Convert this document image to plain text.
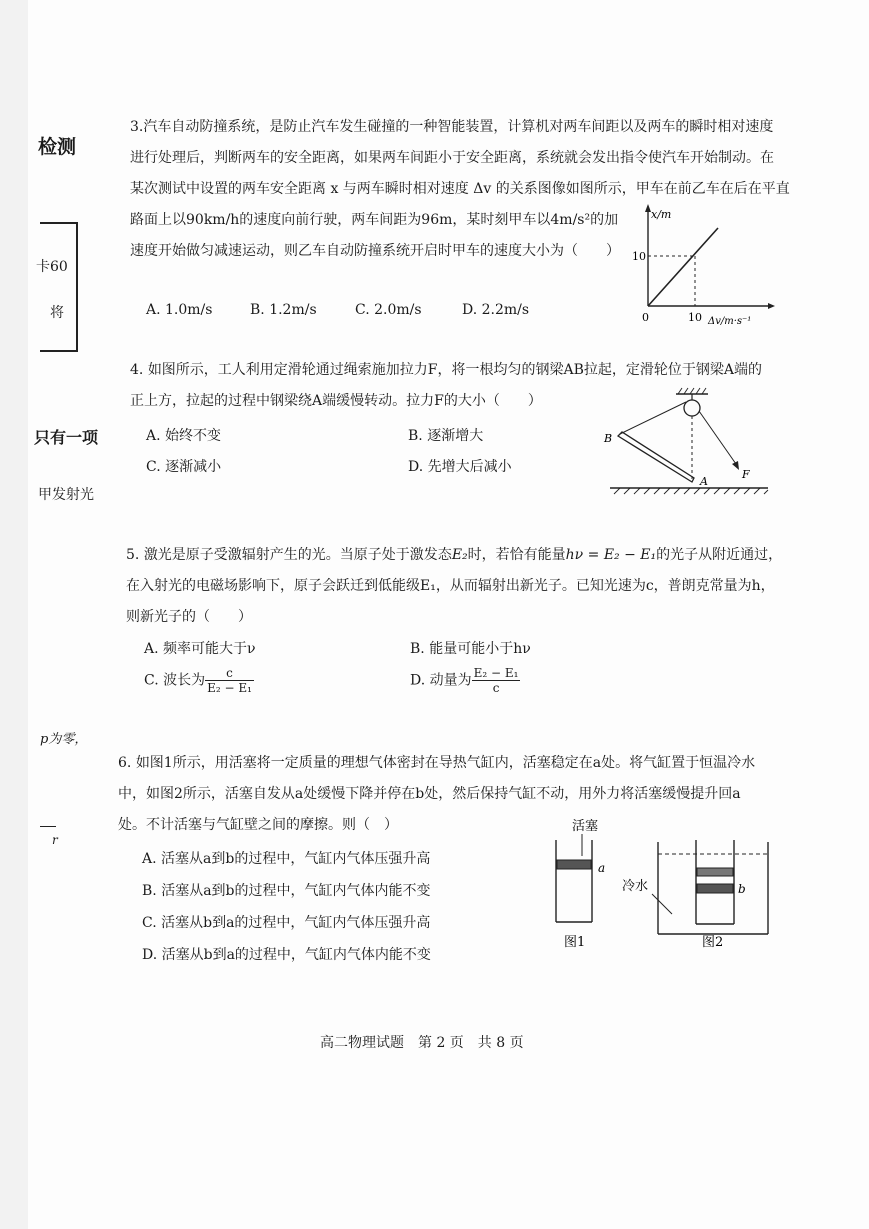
检测
卡60
将
只有一项
甲发射光
p为零，
r
3.汽车自动防撞系统，是防止汽车发生碰撞的一种智能装置，计算机对两车间距以及两车的瞬时相对速度
进行处理后，判断两车的安全距离，如果两车间距小于安全距离，系统就会发出指令使汽车开始制动。在
某次测试中设置的两车安全距离 x 与两车瞬时相对速度 Δv 的关系图像如图所示，甲车在前乙车在后在平直
路面上以90km/h的速度向前行驶，两车间距为96m，某时刻甲车以4m/s²的加
速度开始做匀减速运动，则乙车自动防撞系统开启时甲车的速度大小为（　　）
A. 1.0m/s	B. 1.2m/s	C. 2.0m/s	D. 2.2m/s
x/m
10
0	10 Δv/m·s⁻¹
4. 如图所示，工人利用定滑轮通过绳索施加拉力F，将一根均匀的钢梁AB拉起，定滑轮位于钢梁A端的
正上方，拉起的过程中钢梁绕A端缓慢转动。拉力F的大小（　　）
A. 始终不变	B. 逐渐增大
C. 逐渐减小	D. 先增大后减小
B
A
F
5. 激光是原子受激辐射产生的光。当原子处于激发态E₂时，若恰有能量hν = E₂ − E₁的光子从附近通过，
在入射光的电磁场影响下，原子会跃迁到低能级E₁，从而辐射出新光子。已知光速为c，普朗克常量为h，
则新光子的（　　）
A. 频率可能大于ν	B. 能量可能小于hν
C. 波长为 $\frac{c}{\text{E₂ − E₁}}$	D. 动量为 $\frac{\text{E₂ − E₁}}{c}$
6. 如图1所示，用活塞将一定质量的理想气体密封在导热气缸内，活塞稳定在a处。将气缸置于恒温冷水
中，如图2所示，活塞自发从a处缓慢下降并停在b处，然后保持气缸不动，用外力将活塞缓慢提升回a
处。不计活塞与气缸壁之间的摩擦。则（　）
A. 活塞从a到b的过程中，气缸内气体压强升高
B. 活塞从a到b的过程中，气缸内气体内能不变
C. 活塞从b到a的过程中，气缸内气体压强升高
D. 活塞从b到a的过程中，气缸内气体内能不变
活塞
a
图1
b
冷水
图2
高二物理试题　第 2 页　共 8 页
